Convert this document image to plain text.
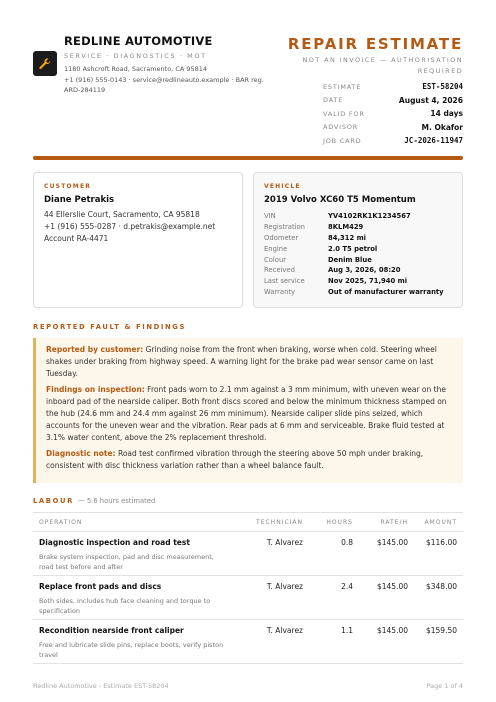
REDLINE AUTOMOTIVE
SERVICE · DIAGNOSTICS · MOT
1180 Ashcroft Road, Sacramento, CA 95814
+1 (916) 555-0143 · service@redlineauto.example · BAR reg. ARD-284119
REPAIR ESTIMATE
NOT AN INVOICE — AUTHORISATION REQUIRED
ESTIMATE	EST-58204
DATE	August 4, 2026
VALID FOR	14 days
ADVISOR	M. Okafor
JOB CARD	JC-2026-11947
CUSTOMER
Diane Petrakis
44 Ellerslie Court, Sacramento, CA 95818
+1 (916) 555-0287 · d.petrakis@example.net
Account RA-4471
VEHICLE
2019 Volvo XC60 T5 Momentum
VIN	YV4102RK1K1234567
Registration	8KLM429
Odometer	84,312 mi
Engine	2.0 T5 petrol
Colour	Denim Blue
Received	Aug 3, 2026, 08:20
Last service	Nov 2025, 71,940 mi
Warranty	Out of manufacturer warranty
REPORTED FAULT & FINDINGS

Reported by customer: Grinding noise from the front when braking, worse when cold. Steering wheel shakes under braking from highway speed. A warning light for the brake pad wear sensor came on last Tuesday.

Findings on inspection: Front pads worn to 2.1 mm against a 3 mm minimum, with uneven wear on the inboard pad of the nearside caliper. Both front discs scored and below the minimum thickness stamped on the hub (24.6 mm and 24.4 mm against 26 mm minimum). Nearside caliper slide pins seized, which accounts for the uneven wear and the vibration. Rear pads at 6 mm and serviceable. Brake fluid tested at 3.1% water content, above the 2% replacement threshold.

Diagnostic note: Road test confirmed vibration through the steering above 50 mph under braking, consistent with disc thickness variation rather than a wheel balance fault.

LABOUR — 5.6 hours estimated
OPERATION	TECHNICIAN	HOURS	RATE/H	AMOUNT
Diagnostic inspection and road test
Brake system inspection, pad and disc measurement, road test before and after
T. Alvarez	0.8	$145.00	$116.00
Replace front pads and discs
Both sides, includes hub face cleaning and torque to specification
T. Alvarez	2.4	$145.00	$348.00
Recondition nearside front caliper
Free and lubricate slide pins, replace boots, verify piston travel
T. Alvarez	1.1	$145.00	$159.50
Redline Automotive - Estimate EST-58204	Page 1 of 4
